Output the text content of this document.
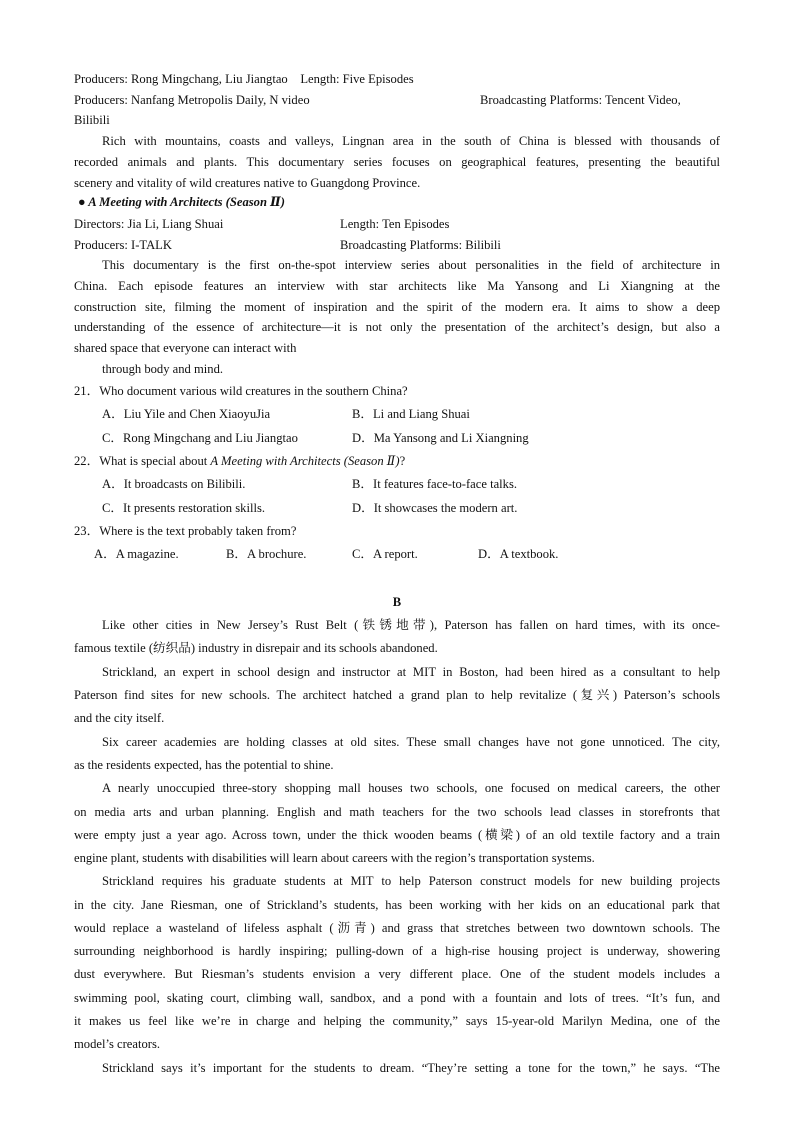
Producers: Rong Mingchang, Liu Jiangtao Length: Five Episodes
Producers: Nanfang Metropolis Daily, N video	Broadcasting Platforms: Tencent Video,
Bilibili
Rich with mountains, coasts and valleys, Lingnan area in the south of China is blessed with thousands of
recorded animals and plants. This documentary series focuses on geographical features, presenting the beautiful
scenery and vitality of wild creatures native to Guangdong Province.
● A Meeting with Architects (Season Ⅱ)
Directors: Jia Li, Liang Shuai	Length: Ten Episodes
Producers: I-TALK	Broadcasting Platforms: Bilibili
This documentary is the first on-the-spot interview series about personalities in the field of architecture in
China. Each episode features an interview with star architects like Ma Yansong and Li Xiangning at the
construction site, filming the moment of inspiration and the spirit of the modern era. It aims to show a deep
understanding of the essence of architecture—it is not only the presentation of the architect’s design, but also a
shared space that everyone can interact with
through body and mind.
21．Who document various wild creatures in the southern China?
A．Liu Yile and Chen XiaoyuJia	B．Li and Liang Shuai
C．Rong Mingchang and Liu Jiangtao	D．Ma Yansong and Li Xiangning
22．What is special about A Meeting with Architects (Season Ⅱ)?
A．It broadcasts on Bilibili.	B．It features face-to-face talks.
C．It presents restoration skills.	D．It showcases the modern art.
23．Where is the text probably taken from?
A．A magazine.	B．A brochure.	C．A report.	D．A textbook.
B
Like other cities in New Jersey’s Rust Belt (铁锈地带), Paterson has fallen on hard times, with its once-
famous textile (纺织品) industry in disrepair and its schools abandoned.
Strickland, an expert in school design and instructor at MIT in Boston, had been hired as a consultant to help
Paterson find sites for new schools. The architect hatched a grand plan to help revitalize (复兴) Paterson’s schools
and the city itself.
Six career academies are holding classes at old sites. These small changes have not gone unnoticed. The city,
as the residents expected, has the potential to shine.
A nearly unoccupied three-story shopping mall houses two schools, one focused on medical careers, the other
on media arts and urban planning. English and math teachers for the two schools lead classes in storefronts that
were empty just a year ago. Across town, under the thick wooden beams (横梁) of an old textile factory and a train
engine plant, students with disabilities will learn about careers with the region’s transportation systems.
Strickland requires his graduate students at MIT to help Paterson construct models for new building projects
in the city. Jane Riesman, one of Strickland’s students, has been working with her kids on an educational park that
would replace a wasteland of lifeless asphalt (沥青) and grass that stretches between two downtown schools. The
surrounding neighborhood is hardly inspiring; pulling-down of a high-rise housing project is underway, showering
dust everywhere. But Riesman’s students envision a very different place. One of the student models includes a
swimming pool, skating court, climbing wall, sandbox, and a pond with a fountain and lots of trees. “It’s fun, and
it makes us feel like we’re in charge and helping the community,” says 15-year-old Marilyn Medina, one of the
model’s creators.
Strickland says it’s important for the students to dream. “They’re setting a tone for the town,” he says. “The
